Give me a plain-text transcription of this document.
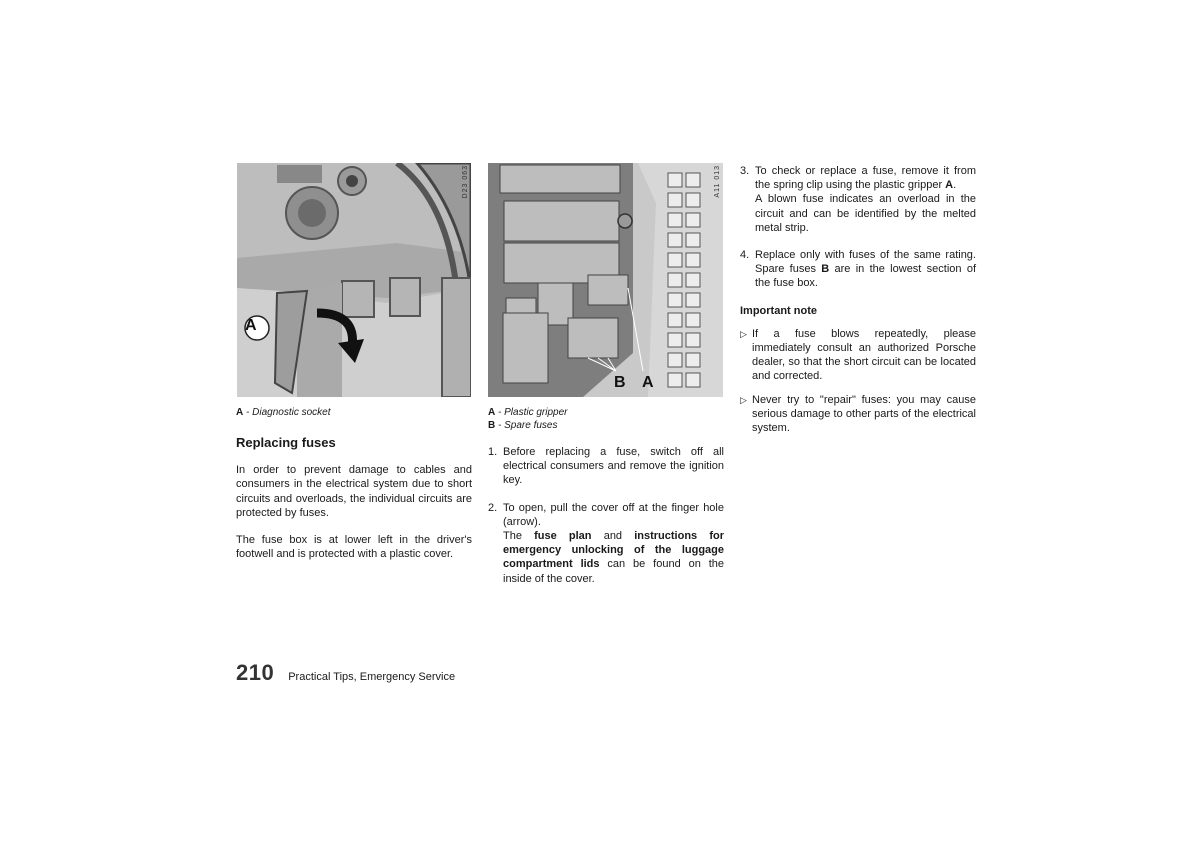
A
D23 063
A - Diagnostic socket
B A
A11 013
A - Plastic gripper
B - Spare fuses
Replacing fuses

In order to prevent damage to cables and consumers in the electrical system due to short circuits and overloads, the individual circuits are protected by fuses.

The fuse box is at lower left in the driver's footwell and is protected with a plastic cover.

1. Before replacing a fuse, switch off all electrical consumers and remove the ignition key.
2. To open, pull the cover off at the finger hole (arrow).
The fuse plan and instructions for emergency unlocking of the luggage compartment lids can be found on the inside of the cover.
3. To check or replace a fuse, remove it from the spring clip using the plastic gripper A.
A blown fuse indicates an overload in the circuit and can be identified by the melted metal strip.
4. Replace only with fuses of the same rating. Spare fuses B are in the lowest section of the fuse box.
Important note
▷ If a fuse blows repeatedly, please immediately consult an authorized Porsche dealer, so that the short circuit can be located and corrected.
▷ Never try to "repair" fuses: you may cause serious damage to other parts of the electrical system.
210 Practical Tips, Emergency Service
